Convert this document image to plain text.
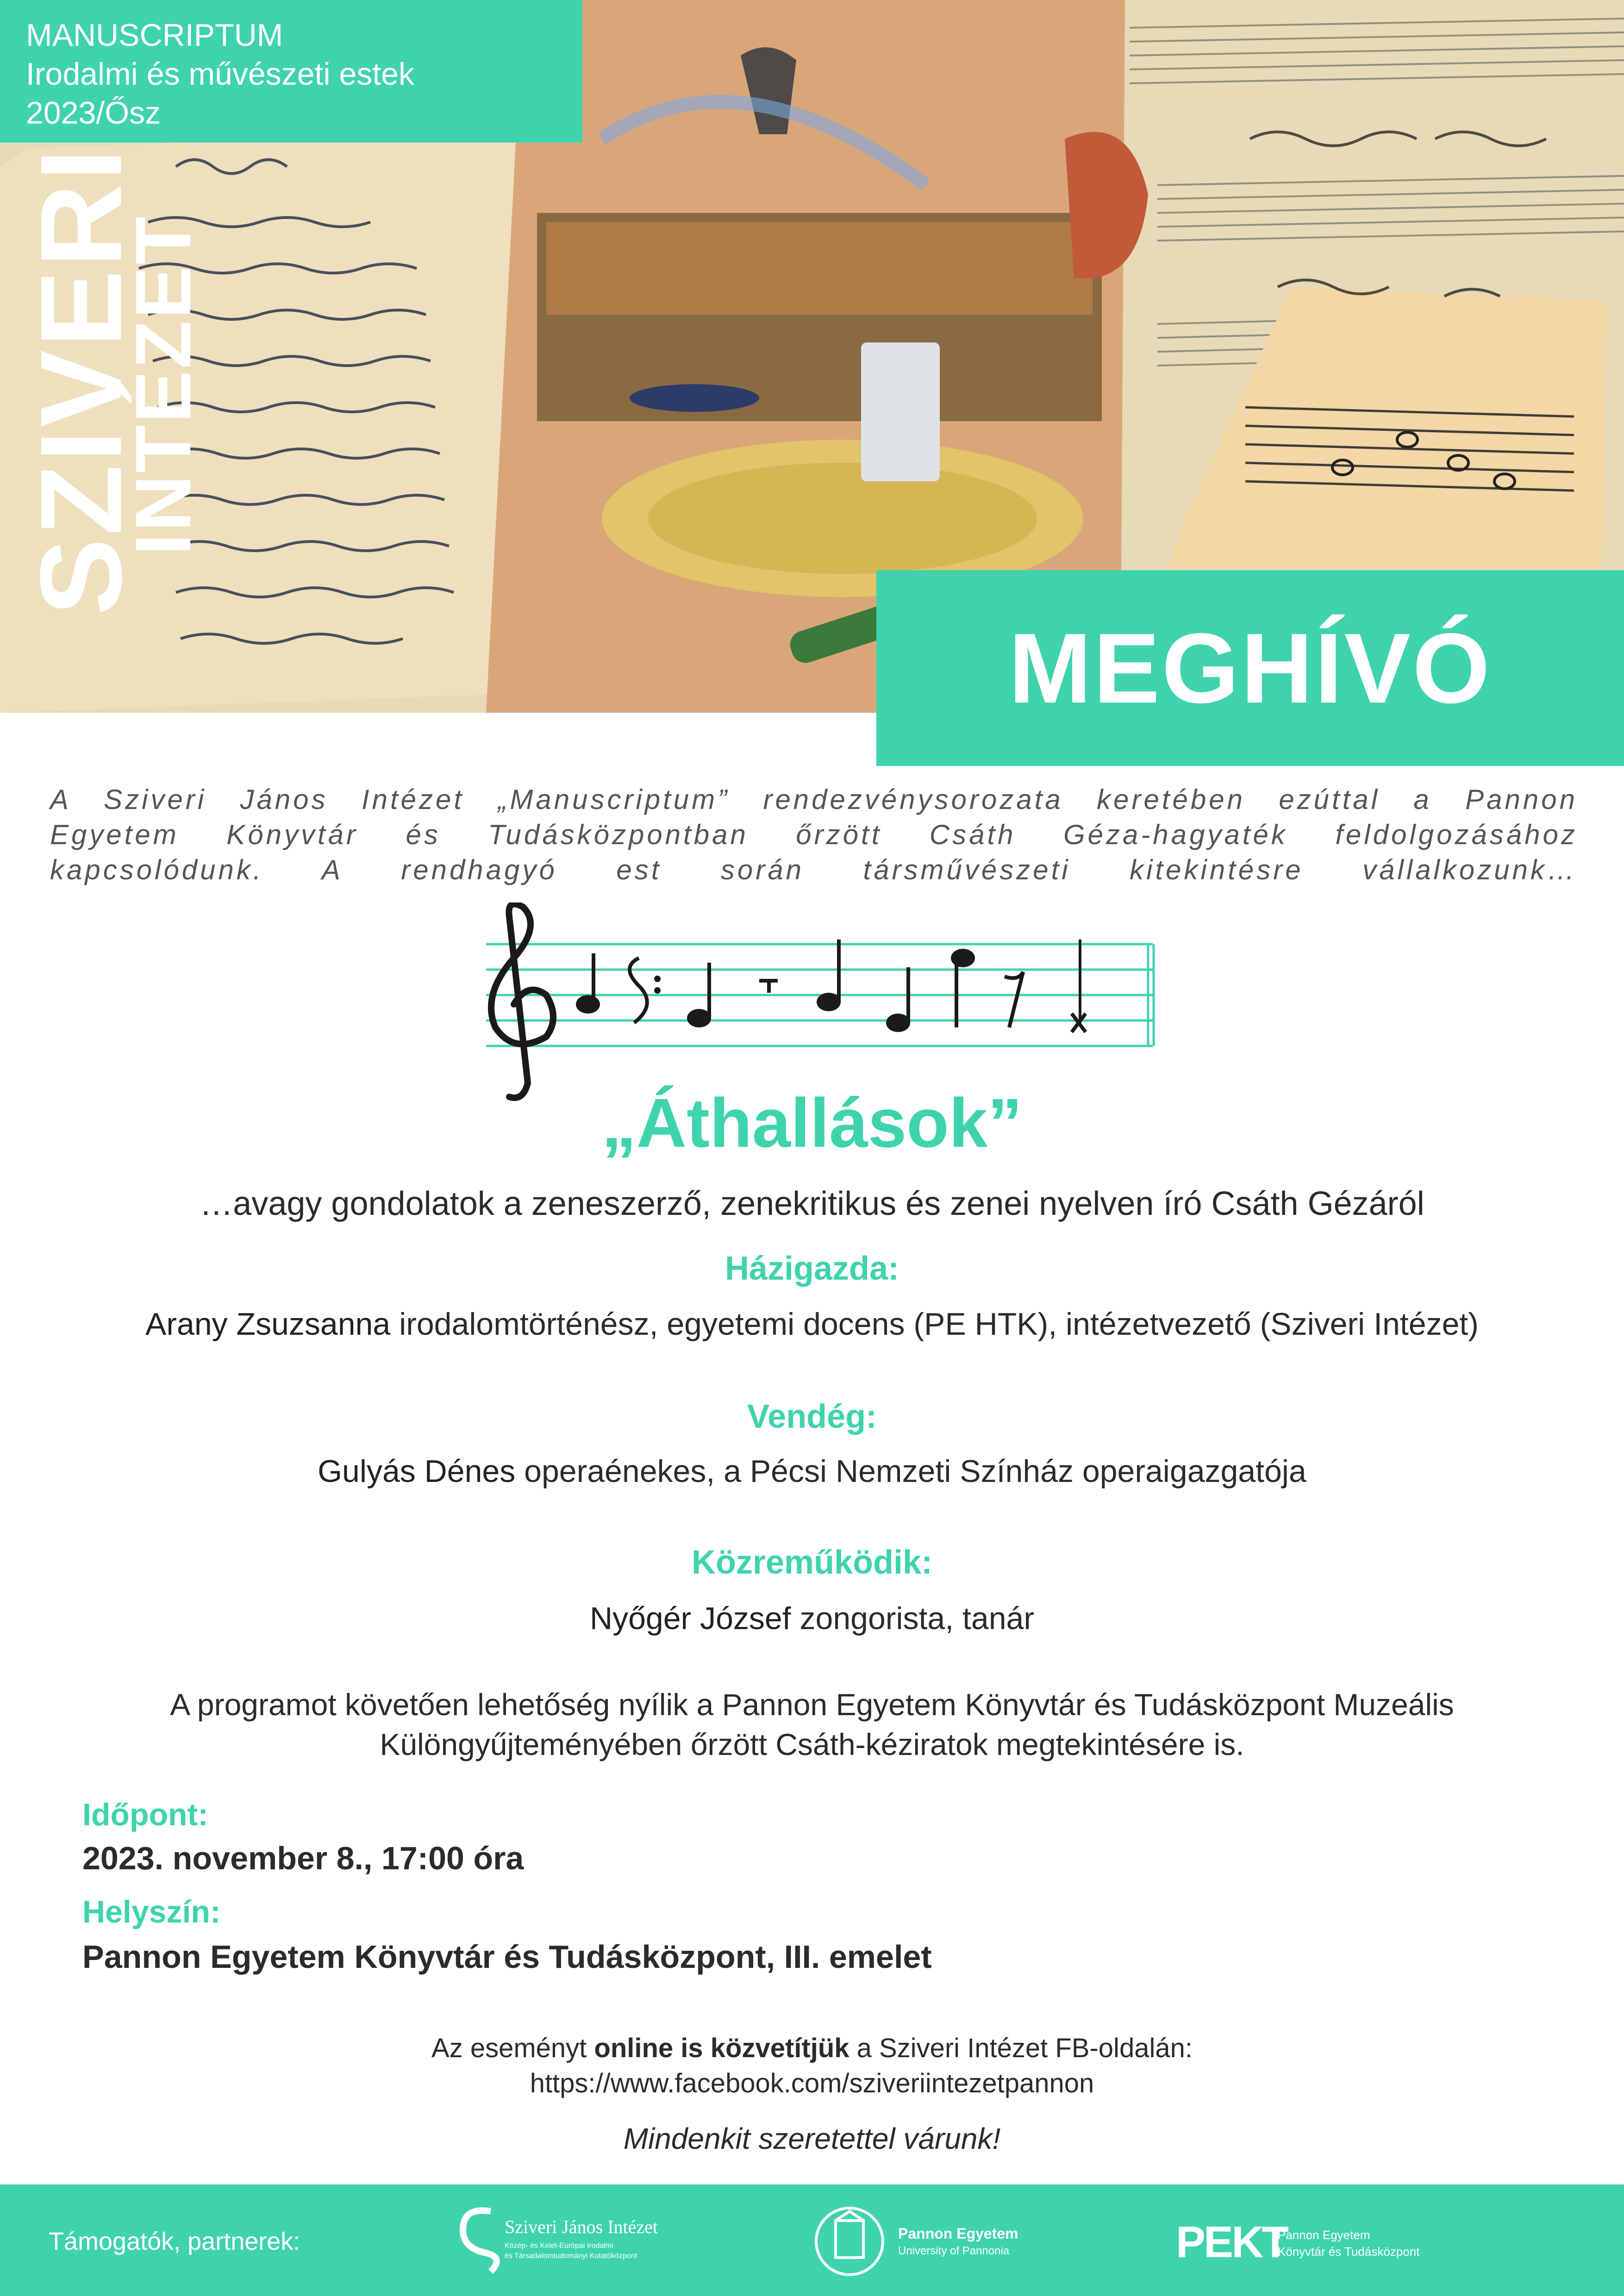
MANUSCRIPTUM
Irodalmi és művészeti estek
2023/Ősz
SZIVERI
INTÉZET
MEGHÍVÓ
A Sziveri János Intézet „Manuscriptum” rendezvénysorozata keretében ezúttal a Pannon
Egyetem Könyvtár és Tudásközpontban őrzött Csáth Géza-hagyaték feldolgozásához
kapcsolódunk. A rendhagyó est során társművészeti kitekintésre vállalkozunk…
„Áthallások”
…avagy gondolatok a zeneszerző, zenekritikus és zenei nyelven író Csáth Gézáról
Házigazda:
Arany Zsuzsanna irodalomtörténész, egyetemi docens (PE HTK), intézetvezető (Sziveri Intézet)
Vendég:
Gulyás Dénes operaénekes, a Pécsi Nemzeti Színház operaigazgatója
Közreműködik:
Nyőgér József zongorista, tanár
A programot követően lehetőség nyílik a Pannon Egyetem Könyvtár és Tudásközpont Muzeális
Különgyűjteményében őrzött Csáth-kéziratok megtekintésére is.
Időpont:
2023. november 8., 17:00 óra
Helyszín:
Pannon Egyetem Könyvtár és Tudásközpont, III. emelet
Az eseményt online is közvetítjük a Sziveri Intézet FB-oldalán:
https://www.facebook.com/sziveriintezetpannon
Mindenkit szeretettel várunk!
Támogatók, partnerek:
Sziveri János Intézet
Közép- és Kelet-Európai Irodalmi
és Társadalomtudományi Kutatóközpont
Pannon Egyetem
University of Pannonia	PEKT
Pannon Egyetem
Könyvtár és Tudásközpont
